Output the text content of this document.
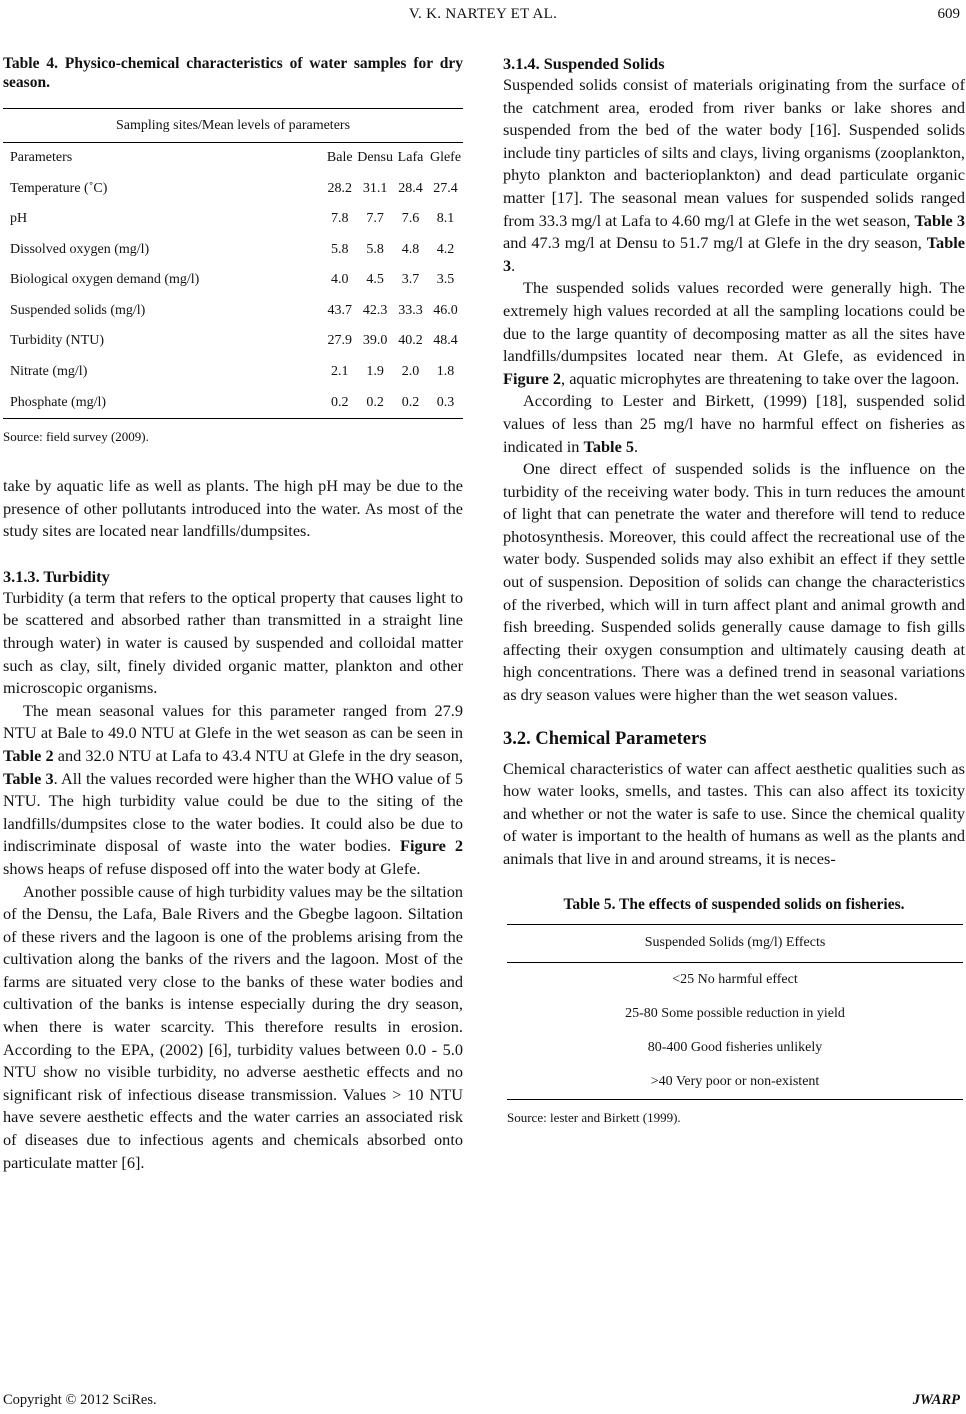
V. K. NARTEY ET AL.	609

Table 4. Physico-chemical characteristics of water samples for dry season.

Sampling sites/Mean levels of parameters				
Parameters	Bale	Densu	Lafa	Glefe
Temperature (˚C)	28.2	31.1	28.4	27.4
pH	7.8	7.7	7.6	8.1
Dissolved oxygen (mg/l)	5.8	5.8	4.8	4.2
Biological oxygen demand (mg/l)	4.0	4.5	3.7	3.5
Suspended solids (mg/l)	43.7	42.3	33.3	46.0
Turbidity (NTU)	27.9	39.0	40.2	48.4
Nitrate (mg/l)	2.1	1.9	2.0	1.8
Phosphate (mg/l)	0.2	0.2	0.2	0.3

Source: field survey (2009).

take by aquatic life as well as plants. The high pH may be due to the presence of other pollutants introduced into the water. As most of the study sites are located near landfills/dumpsites.

3.1.3. Turbidity

Turbidity (a term that refers to the optical property that causes light to be scattered and absorbed rather than transmitted in a straight line through water) in water is caused by suspended and colloidal matter such as clay, silt, finely divided organic matter, plankton and other microscopic organisms.

The mean seasonal values for this parameter ranged from 27.9 NTU at Bale to 49.0 NTU at Glefe in the wet season as can be seen in Table 2 and 32.0 NTU at Lafa to 43.4 NTU at Glefe in the dry season, Table 3. All the values recorded were higher than the WHO value of 5 NTU. The high turbidity value could be due to the siting of the landfills/dumpsites close to the water bodies. It could also be due to indiscriminate disposal of waste into the water bodies. Figure 2 shows heaps of refuse disposed off into the water body at Glefe.

Another possible cause of high turbidity values may be the siltation of the Densu, the Lafa, Bale Rivers and the Gbegbe lagoon. Siltation of these rivers and the lagoon is one of the problems arising from the cultivation along the banks of the rivers and the lagoon. Most of the farms are situated very close to the banks of these water bodies and cultivation of the banks is intense especially during the dry season, when there is water scarcity. This therefore results in erosion. According to the EPA, (2002) [6], turbidity values between 0.0 - 5.0 NTU show no visible turbidity, no adverse aesthetic effects and no significant risk of infectious disease transmission. Values > 10 NTU have severe aesthetic effects and the water carries an associated risk of diseases due to infectious agents and chemicals absorbed onto particulate matter [6].

3.1.4. Suspended Solids

Suspended solids consist of materials originating from the surface of the catchment area, eroded from river banks or lake shores and suspended from the bed of the water body [16]. Suspended solids include tiny particles of silts and clays, living organisms (zooplankton, phyto plankton and bacterioplankton) and dead particulate organic matter [17]. The seasonal mean values for suspended solids ranged from 33.3 mg/l at Lafa to 4.60 mg/l at Glefe in the wet season, Table 3 and 47.3 mg/l at Densu to 51.7 mg/l at Glefe in the dry season, Table 3.

The suspended solids values recorded were generally high. The extremely high values recorded at all the sampling locations could be due to the large quantity of decomposing matter as all the sites have landfills/dumpsites located near them. At Glefe, as evidenced in Figure 2, aquatic microphytes are threatening to take over the lagoon.

According to Lester and Birkett, (1999) [18], suspended solid values of less than 25 mg/l have no harmful effect on fisheries as indicated in Table 5.

One direct effect of suspended solids is the influence on the turbidity of the receiving water body. This in turn reduces the amount of light that can penetrate the water and therefore will tend to reduce photosynthesis. Moreover, this could affect the recreational use of the water body. Suspended solids may also exhibit an effect if they settle out of suspension. Deposition of solids can change the characteristics of the riverbed, which will in turn affect plant and animal growth and fish breeding. Suspended solids generally cause damage to fish gills affecting their oxygen consumption and ultimately causing death at high concentrations. There was a defined trend in seasonal variations as dry season values were higher than the wet season values.

3.2. Chemical Parameters

Chemical characteristics of water can affect aesthetic qualities such as how water looks, smells, and tastes. This can also affect its toxicity and whether or not the water is safe to use. Since the chemical quality of water is important to the health of humans as well as the plants and animals that live in and around streams, it is neces-

Table 5. The effects of suspended solids on fisheries.

Suspended Solids (mg/l) Effects
<25 No harmful effect
25-80 Some possible reduction in yield
80-400 Good fisheries unlikely
>40 Very poor or non-existent

Source: lester and Birkett (1999).

Copyright © 2012 SciRes.	JWARP
